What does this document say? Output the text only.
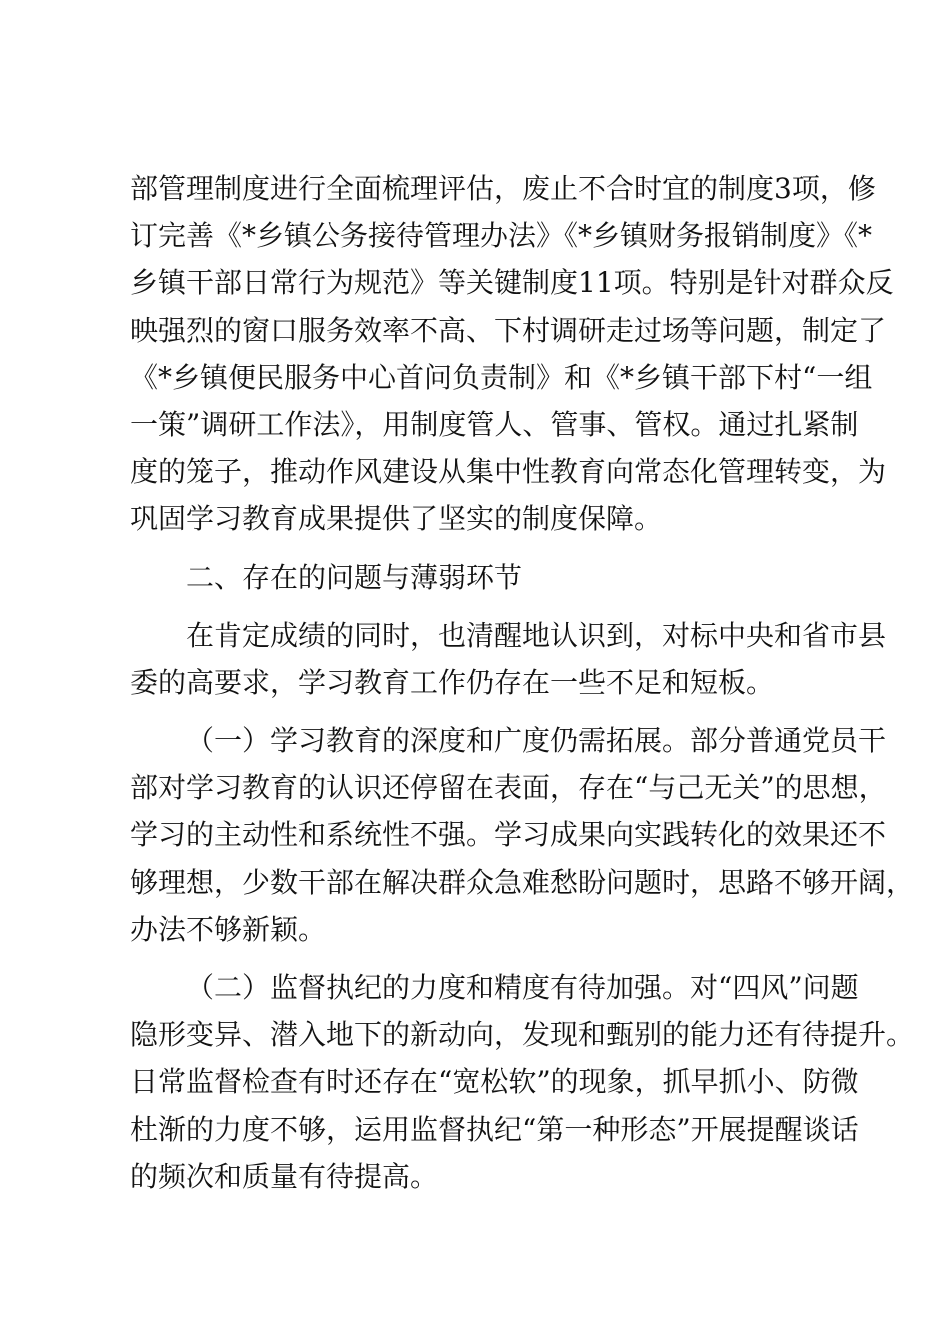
部管理制度进行全面梳理评估，废止不合时宜的制度3项，修
订完善《*乡镇公务接待管理办法》《*乡镇财务报销制度》《*
乡镇干部日常行为规范》等关键制度11项。特别是针对群众反
映强烈的窗口服务效率不高、下村调研走过场等问题，制定了
《*乡镇便民服务中心首问负责制》和《*乡镇干部下村“一组
一策”调研工作法》，用制度管人、管事、管权。通过扎紧制
度的笼子，推动作风建设从集中性教育向常态化管理转变，为
巩固学习教育成果提供了坚实的制度保障。
二、存在的问题与薄弱环节
在肯定成绩的同时，也清醒地认识到，对标中央和省市县
委的高要求，学习教育工作仍存在一些不足和短板。
（一）学习教育的深度和广度仍需拓展。部分普通党员干
部对学习教育的认识还停留在表面，存在“与己无关”的思想，
学习的主动性和系统性不强。学习成果向实践转化的效果还不
够理想，少数干部在解决群众急难愁盼问题时，思路不够开阔，
办法不够新颖。
（二）监督执纪的力度和精度有待加强。对“四风”问题
隐形变异、潜入地下的新动向，发现和甄别的能力还有待提升。
日常监督检查有时还存在“宽松软”的现象，抓早抓小、防微
杜渐的力度不够，运用监督执纪“第一种形态”开展提醒谈话
的频次和质量有待提高。
